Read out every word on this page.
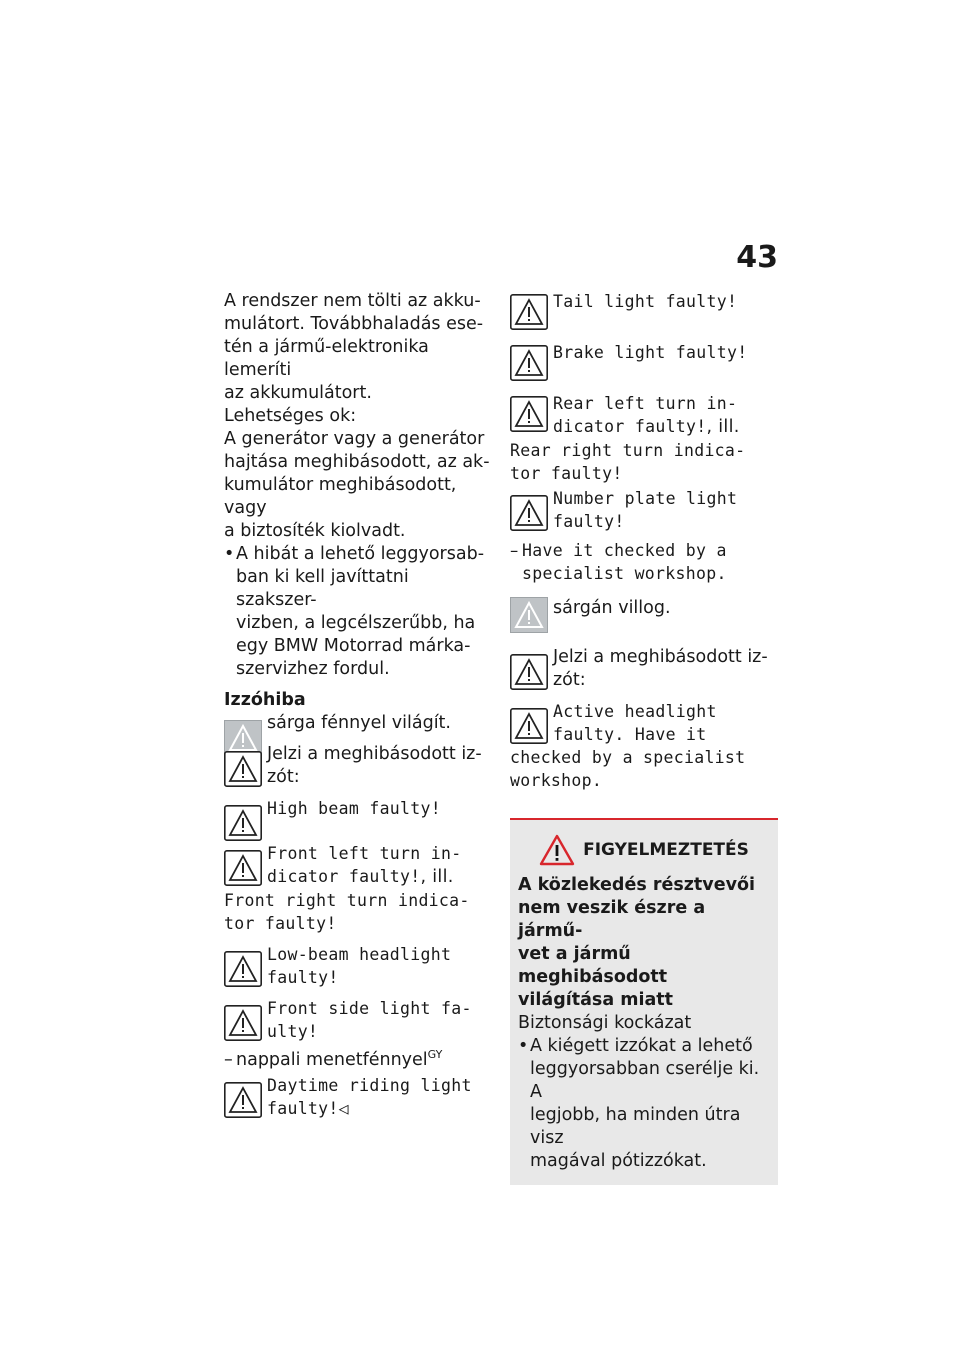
43
A rendszer nem tölti az akku-
mulátort. Továbbhaladás ese-
tén a jármű-elektronika lemeríti
az akkumulátort.
Lehetséges ok:
A generátor vagy a generátor
hajtása meghibásodott, az ak-
kumulátor meghibásodott, vagy
a biztosíték kiolvadt.
• A hibát a lehető leggyorsab-
ban ki kell javíttatni szakszer-
vizben, a legcélszerűbb, ha
egy BMW Motorrad márka-
szervizhez fordul.
Izzóhiba
sárga fénnyel világít.
Jelzi a meghibásodott iz-
zót:
High beam faulty!
Front left turn in-
dicator faulty!, ill.
Front right turn indica-
tor faulty!
Low-beam headlight
faulty!
Front side light fa-
ulty!
– nappali menetfénnyel$^{GY}$
Daytime riding light
faulty!◁
Tail light faulty!
Brake light faulty!
Rear left turn in-
dicator faulty!, ill.
Rear right turn indica-
tor faulty!
Number plate light
faulty!
– Have it checked by a
specialist workshop.
sárgán villog.
Jelzi a meghibásodott iz-
zót:
Active headlight
faulty. Have it
checked by a specialist
workshop.
FIGYELMEZTETÉS
A közlekedés résztvevői
nem veszik észre a jármű-
vet a jármű meghibásodott
világítása miatt
Biztonsági kockázat
• A kiégett izzókat a lehető
leggyorsabban cserélje ki. A
legjobb, ha minden útra visz
magával pótizzókat.
